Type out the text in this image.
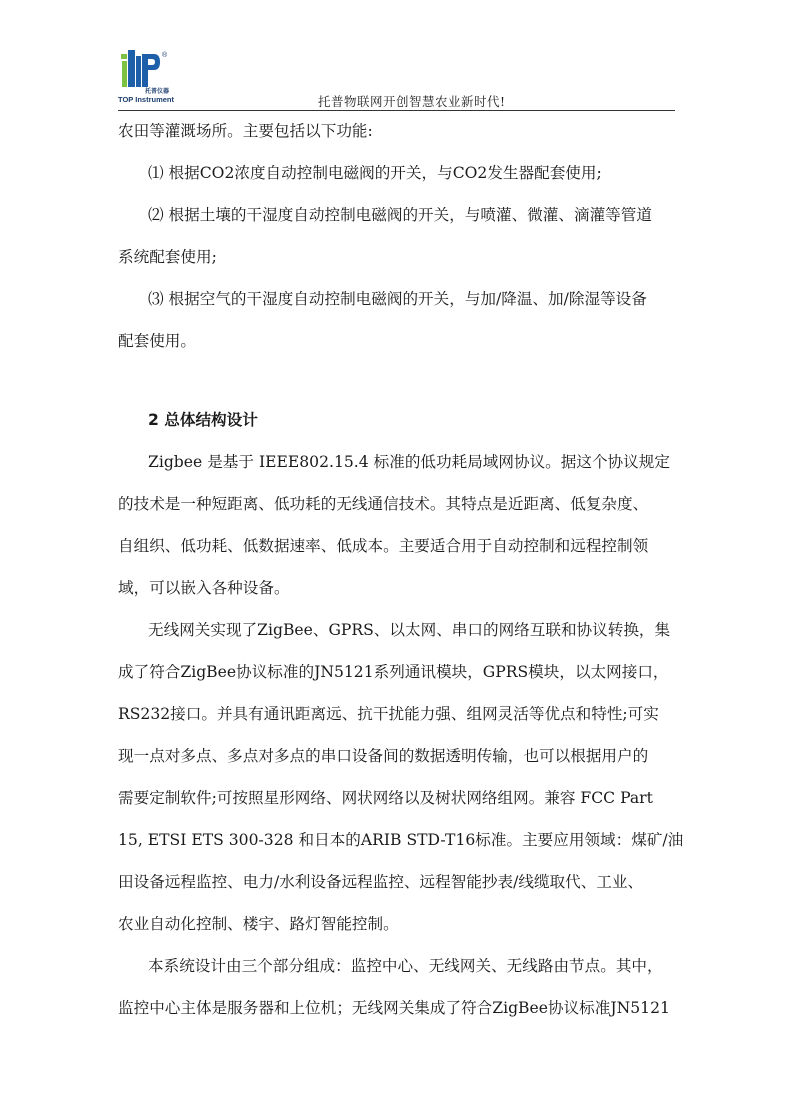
®
托普仪器
TOP Instrument	托普物联网开创智慧农业新时代!
农田等灌溉场所。主要包括以下功能:
⑴ 根据CO2浓度自动控制电磁阀的开关，与CO2发生器配套使用;
⑵ 根据土壤的干湿度自动控制电磁阀的开关，与喷灌、微灌、滴灌等管道
系统配套使用;
⑶ 根据空气的干湿度自动控制电磁阀的开关，与加/降温、加/除湿等设备
配套使用。
2 总体结构设计
Zigbee 是基于 IEEE802.15.4 标准的低功耗局域网协议。据这个协议规定
的技术是一种短距离、低功耗的无线通信技术。其特点是近距离、低复杂度、
自组织、低功耗、低数据速率、低成本。主要适合用于自动控制和远程控制领
域，可以嵌入各种设备。
无线网关实现了ZigBee、GPRS、以太网、串口的网络互联和协议转换，集
成了符合ZigBee协议标准的JN5121系列通讯模块，GPRS模块，以太网接口，
RS232接口。并具有通讯距离远、抗干扰能力强、组网灵活等优点和特性;可实
现一点对多点、多点对多点的串口设备间的数据透明传输，也可以根据用户的
需要定制软件;可按照星形网络、网状网络以及树状网络组网。兼容 FCC Part
15, ETSI ETS 300-328 和日本的ARIB STD-T16标准。主要应用领域：煤矿/油
田设备远程监控、电力/水利设备远程监控、远程智能抄表/线缆取代、工业、
农业自动化控制、楼宇、路灯智能控制。
本系统设计由三个部分组成：监控中心、无线网关、无线路由节点。其中，
监控中心主体是服务器和上位机；无线网关集成了符合ZigBee协议标准JN5121
